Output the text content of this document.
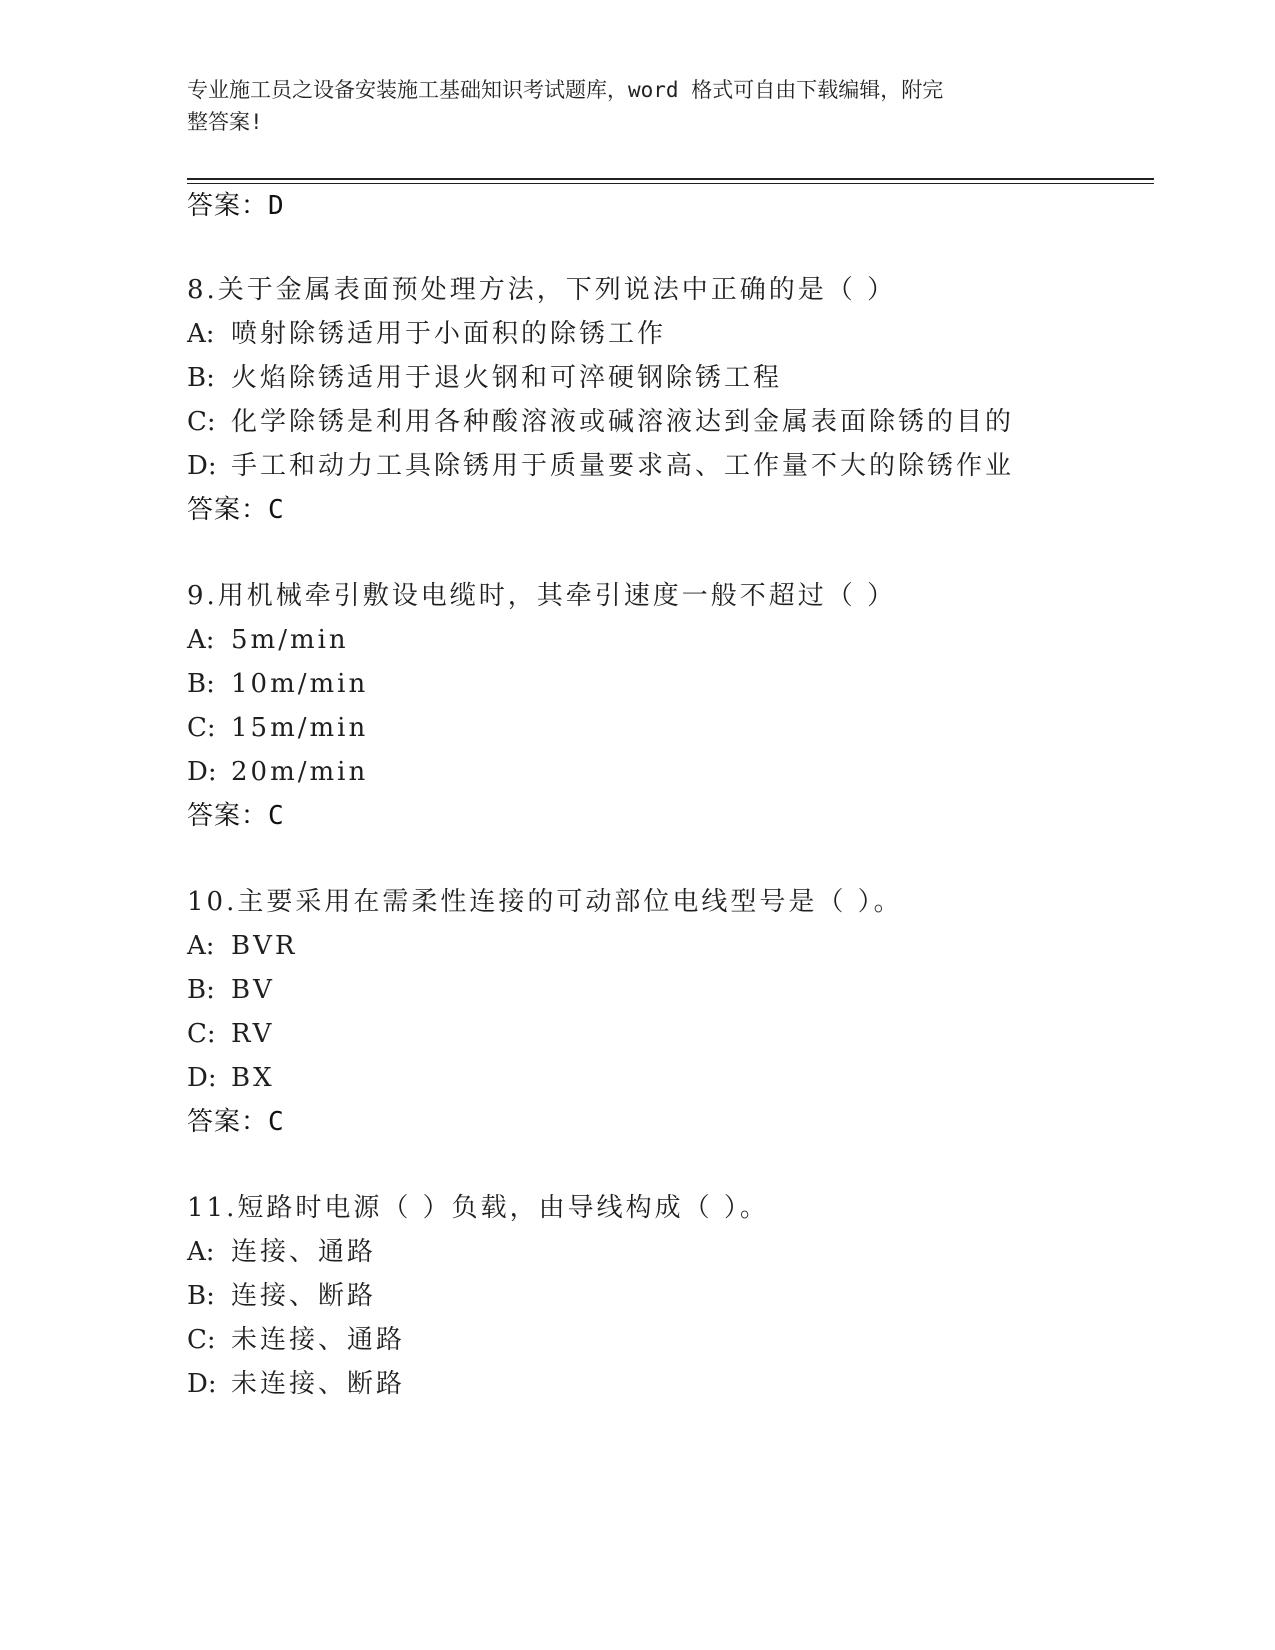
专业施工员之设备安装施工基础知识考试题库，word 格式可自由下载编辑，附完
整答案!
答案：D
8.关于金属表面预处理方法，下列说法中正确的是（ ）
A: 喷射除锈适用于小面积的除锈工作
B: 火焰除锈适用于退火钢和可淬硬钢除锈工程
C: 化学除锈是利用各种酸溶液或碱溶液达到金属表面除锈的目的
D: 手工和动力工具除锈用于质量要求高、工作量不大的除锈作业
答案：C
9.用机械牵引敷设电缆时，其牵引速度一般不超过（ ）
A: 5m/min
B: 10m/min
C: 15m/min
D: 20m/min
答案：C
10.主要采用在需柔性连接的可动部位电线型号是（ ）。
A: BVR
B: BV
C: RV
D: BX
答案：C
11.短路时电源（ ）负载，由导线构成（ ）。
A: 连接、通路
B: 连接、断路
C: 未连接、通路
D: 未连接、断路
